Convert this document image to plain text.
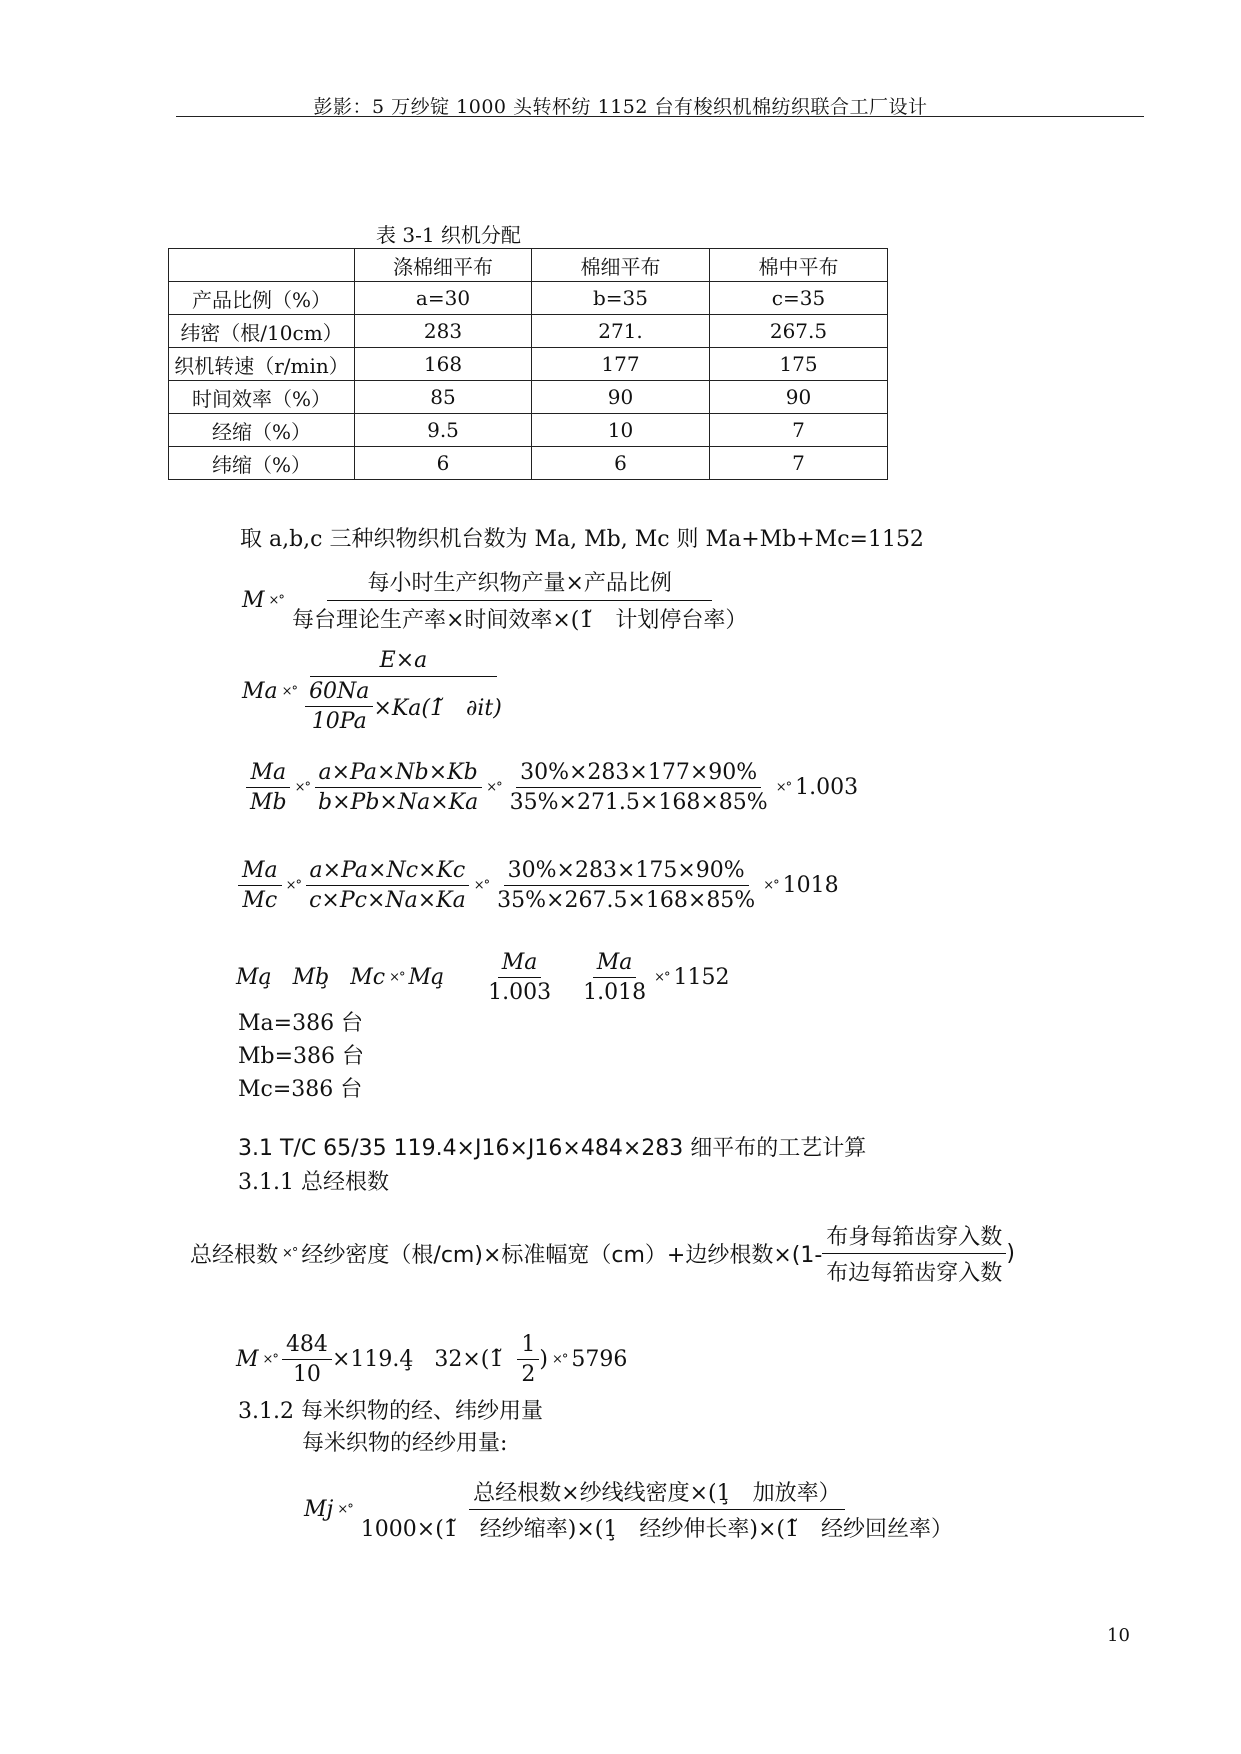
彭影：5 万纱锭 1000 头转杯纺 1152 台有梭织机棉纺织联合工厂设计
表 3-1 织机分配
	涤棉细平布	棉细平布	棉中平布
产品比例（%）	a=30	b=35	c=35
纬密（根/10cm）	283	271.	267.5
织机转速（r/min）	168	177	175
时间效率（%）	85	90	90
经缩（%）	9.5	10	7
纬缩（%）	6	6	7
取 a,b,c 三种织物织机台数为 Ma, Mb, Mc 则 Ma+Mb+Mc=1152
M ×° $\frac{\text{每小时生产织物产量×产品比例}}{\text{每台理论生产率×时间效率×(1̃　计划停台率）}}$
Ma ×° $\frac{E\times a}{\frac{60Na}{10Pa} \times Ka(1̃ \partial it)}$
$\frac{Ma}{Mb}$ ×° $\frac{a\times Pa\times Nb\times Kb}{b\times Pb\times Na\times Ka}$ ×° $\frac{30\%\times 283\times 177\times 90\%}{35\%\times 271.5\times 168\times 85\%}$ ×° 1.003
$\frac{Ma}{Mc}$ ×° $\frac{a\times Pa\times Nc\times Kc}{c\times Pc\times Na\times Ka}$ ×° $\frac{30\%\times 283\times 175\times 90\%}{35\%\times 267.5\times 168\times 85\%}$ ×° 1018
Ma̧   Mb̧   Mc ×° Ma̧ $\frac{Ma}{1.003} \frac{Ma}{1.018}$ ×° 1152
Ma=386 台
Mb=386 台
Mc=386 台
3.1 T/C 65/35 119.4×J16×J16×484×283 细平布的工艺计算
3.1.1 总经根数
总经根数 ×° 经纱密度（根/cm)×标准幅宽（cm）+边纱根数$\times(1- \frac{\text{布身每筘齿穿入数}}{\text{布边每筘齿穿入数}}$ )
M ×° $\frac{484}{10}$ ×119.4̧   32×(1̃ $\frac{1}{2}$ ) ×° 5796
3.1.2 每米织物的经、纬纱用量
每米织物的经纱用量:
Mj ×° $\frac{\text{总经根数×纱线线密度×(1̧　加放率）}}{\text{1000×(1̃　经纱缩率)×(1̧　经纱伸长率)×(1̃　经纱回丝率）}}$
10
